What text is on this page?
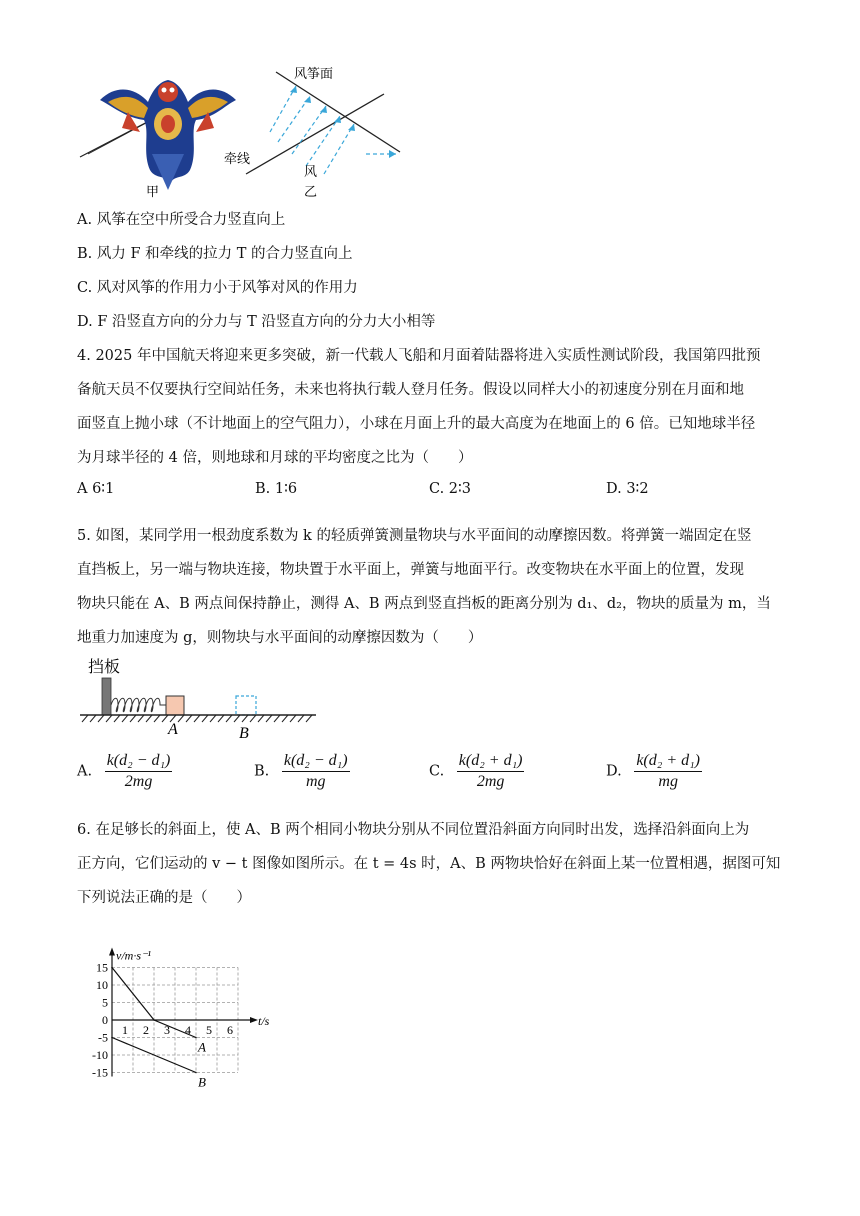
甲
风筝面
牵线
风
乙
A. 风筝在空中所受合力竖直向上
B. 风力 F 和牵线的拉力 T 的合力竖直向上
C. 风对风筝的作用力小于风筝对风的作用力
D. F 沿竖直方向的分力与 T 沿竖直方向的分力大小相等
4. 2025 年中国航天将迎来更多突破，新一代载人飞船和月面着陆器将进入实质性测试阶段，我国第四批预
备航天员不仅要执行空间站任务，未来也将执行载人登月任务。假设以同样大小的初速度分别在月面和地
面竖直上抛小球（不计地面上的空气阻力），小球在月面上升的最大高度为在地面上的 6 倍。已知地球半径
为月球半径的 4 倍，则地球和月球的平均密度之比为（　　）
A 6∶1	B. 1∶6	C. 2∶3	D. 3∶2
5. 如图，某同学用一根劲度系数为 k 的轻质弹簧测量物块与水平面间的动摩擦因数。将弹簧一端固定在竖
直挡板上，另一端与物块连接，物块置于水平面上，弹簧与地面平行。改变物块在水平面上的位置，发现
物块只能在 A、B 两点间保持静止，测得 A、B 两点到竖直挡板的距离分别为 d₁、d₂，物块的质量为 m，当
地重力加速度为 g，则物块与水平面间的动摩擦因数为（　　）
挡板
A	B
A. $\frac{\text{k(d₂ − d₁)}}{2mg}$	B. $\frac{\text{k(d₂ − d₁)}}{mg}$	C. $\frac{\text{k(d₂ + d₁)}}{2mg}$	D. $\frac{\text{k(d₂ + d₁)}}{mg}$
6. 在足够长的斜面上，使 A、B 两个相同小物块分别从不同位置沿斜面方向同时出发，选择沿斜面向上为
正方向，它们运动的 v − t 图像如图所示。在 t = 4s 时，A、B 两物块恰好在斜面上某一位置相遇，据图可知
下列说法正确的是（　　）
1 2 3 4 5 6
15
10
5
0
-5
-10
-15
v/m·s⁻¹
t/s
A
B
